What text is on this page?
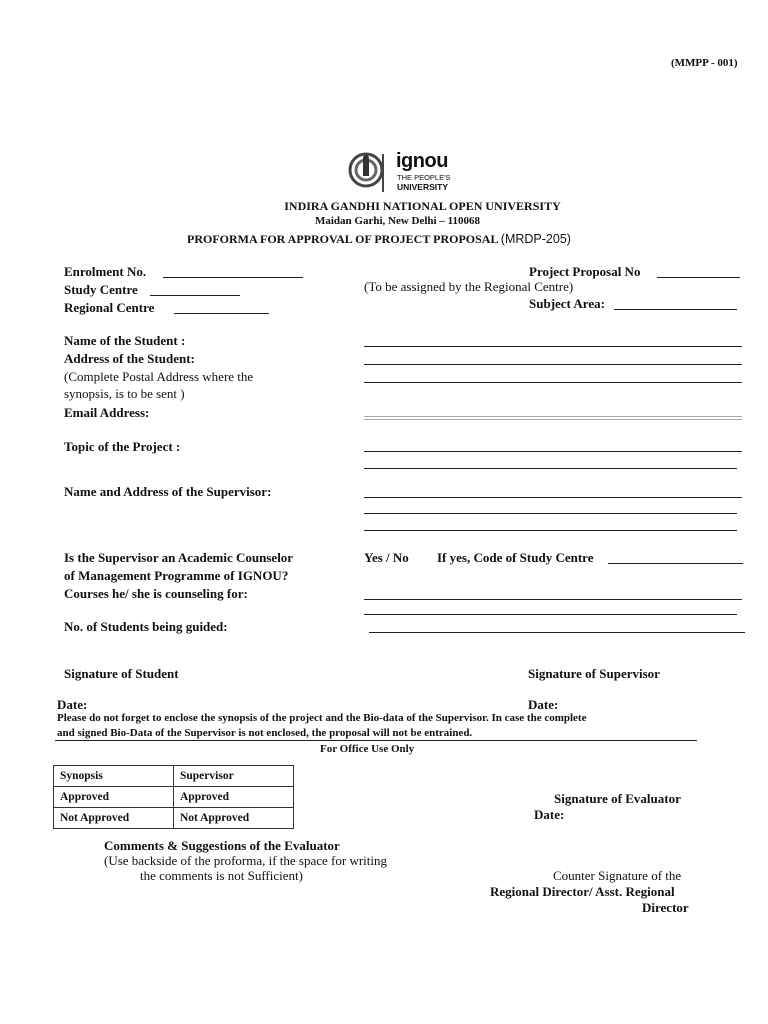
(MMPP - 001)
ignou
THE PEOPLE'S
UNIVERSITY
INDIRA GANDHI NATIONAL OPEN UNIVERSITY
Maidan Garhi, New Delhi – 110068
PROFORMA FOR APPROVAL OF PROJECT PROPOSAL (MRDP-205)
Enrolment No.
Study Centre
Regional Centre
Project Proposal No
(To be assigned by the Regional Centre)
Subject Area:
Name of the Student :
Address of the Student:
(Complete Postal Address where the
synopsis, is to be sent )
Email Address:
Topic of the Project :
Name and Address of the Supervisor:
Is the Supervisor an Academic Counselor	Yes / No If yes, Code of Study Centre
of Management Programme of IGNOU?
Courses he/ she is counseling for:
No. of Students being guided:
Signature of Student	Signature of Supervisor
Date:	Date:
Please do not forget to enclose the synopsis of the project and the Bio-data of the Supervisor. In case the complete
and signed Bio-Data of the Supervisor is not enclosed, the proposal will not be entrained.
For Office Use Only
Synopsis	Supervisor
Approved	Approved
Not Approved	Not Approved
Signature of Evaluator
Date:
Comments & Suggestions of the Evaluator
(Use backside of the proforma, if the space for writing
the comments is not Sufficient)	Counter Signature of the
Regional Director/ Asst. Regional
Director
